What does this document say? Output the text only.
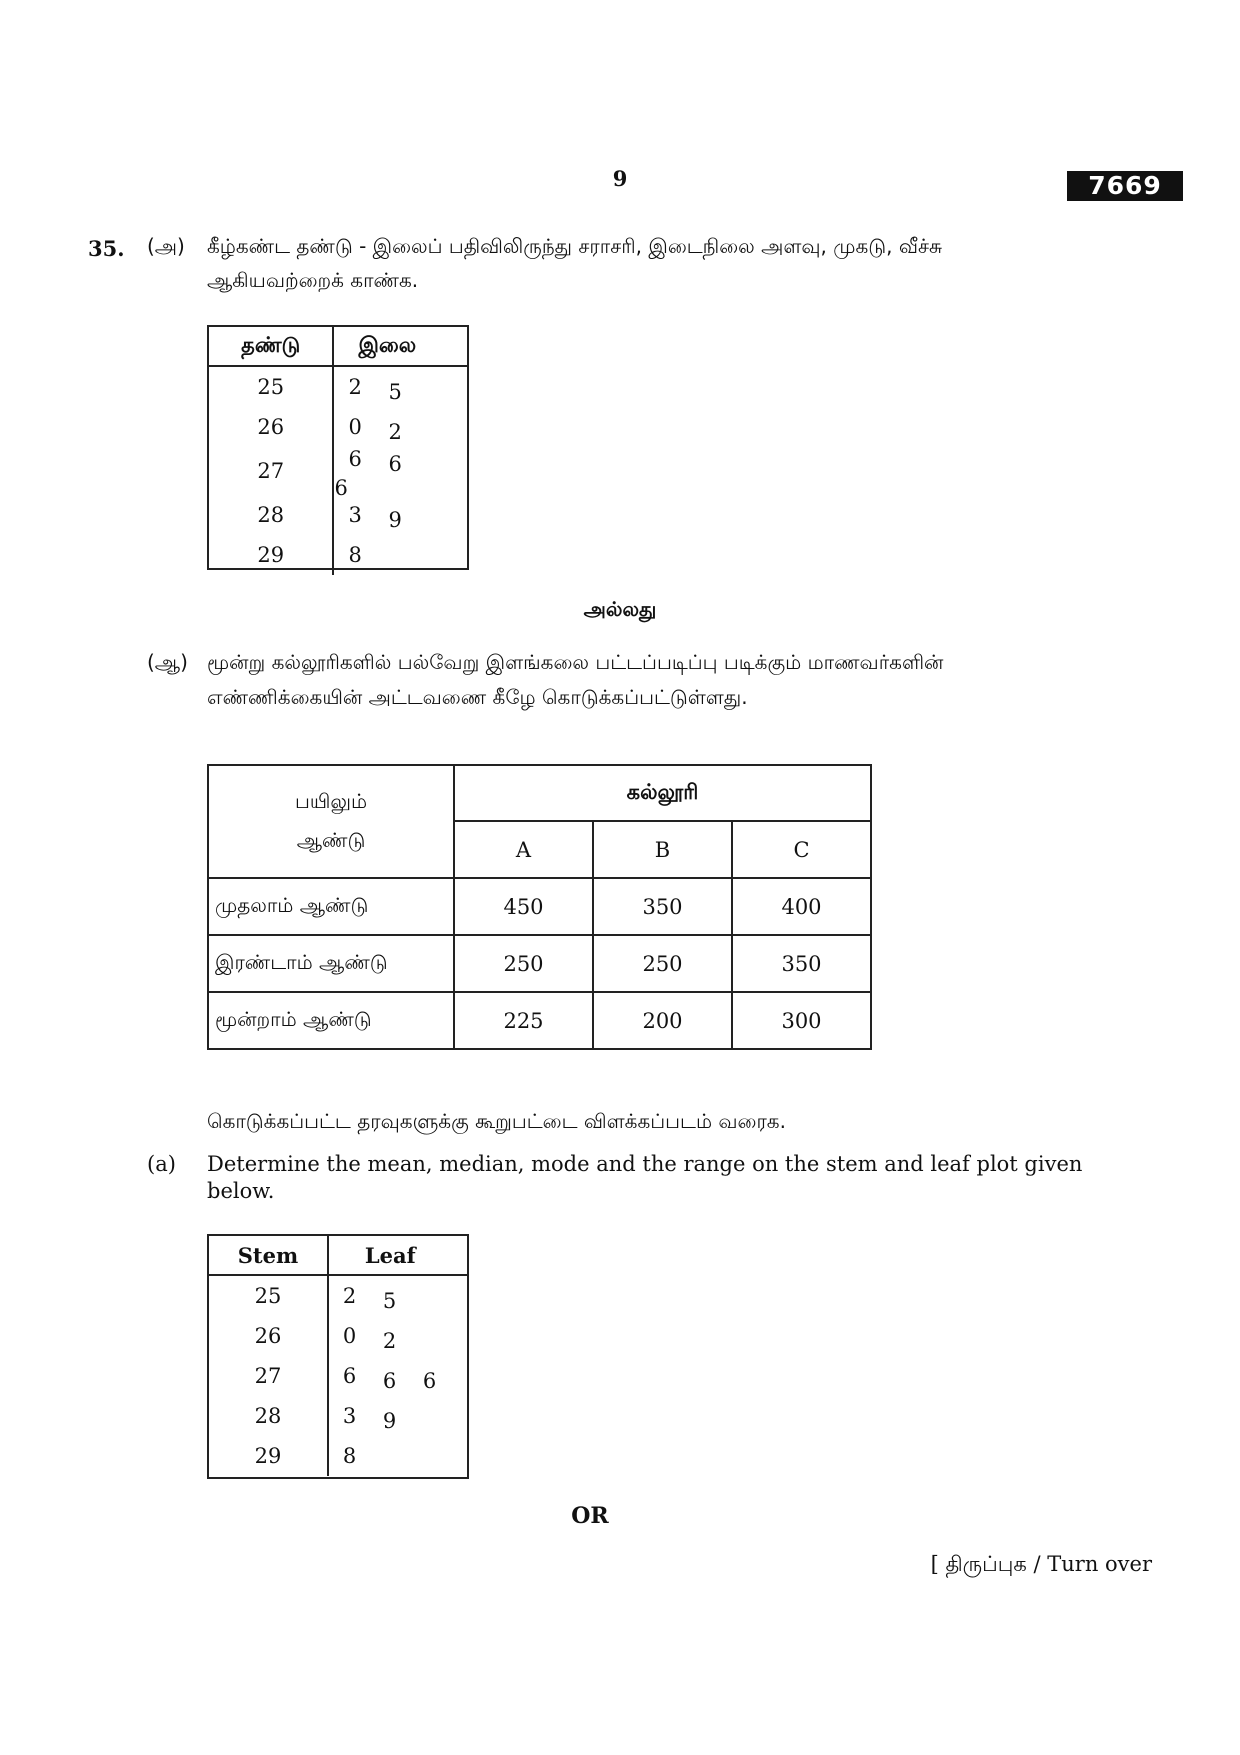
9	7669
35. (அ) கீழ்கண்ட தண்டு - இலைப் பதிவிலிருந்து சராசரி, இடைநிலை அளவு, முகடு, வீச்சு
ஆகியவற்றைக் காண்க.
தண்டு	இலை
25	2 5
26	0 2
27	6 66
28	3 9
29	8
அல்லது
(ஆ) மூன்று கல்லூரிகளில் பல்வேறு இளங்கலை பட்டப்படிப்பு படிக்கும் மாணவர்களின்
எண்ணிக்கையின் அட்டவணை கீழே கொடுக்கப்பட்டுள்ளது.
பயிலும்
ஆண்டு	கல்லூரி		
	A	B	C
முதலாம் ஆண்டு	450	350	400
இரண்டாம் ஆண்டு	250	250	350
மூன்றாம் ஆண்டு	225	200	300
கொடுக்கப்பட்ட தரவுகளுக்கு கூறுபட்டை விளக்கப்படம் வரைக.
(a) Determine the mean, median, mode and the range on the stem and leaf plot given
below.
Stem	Leaf
25	2 5
26	0 2
27	6 6 6
28	3 9
29	8
OR
[ திருப்புக / Turn over
